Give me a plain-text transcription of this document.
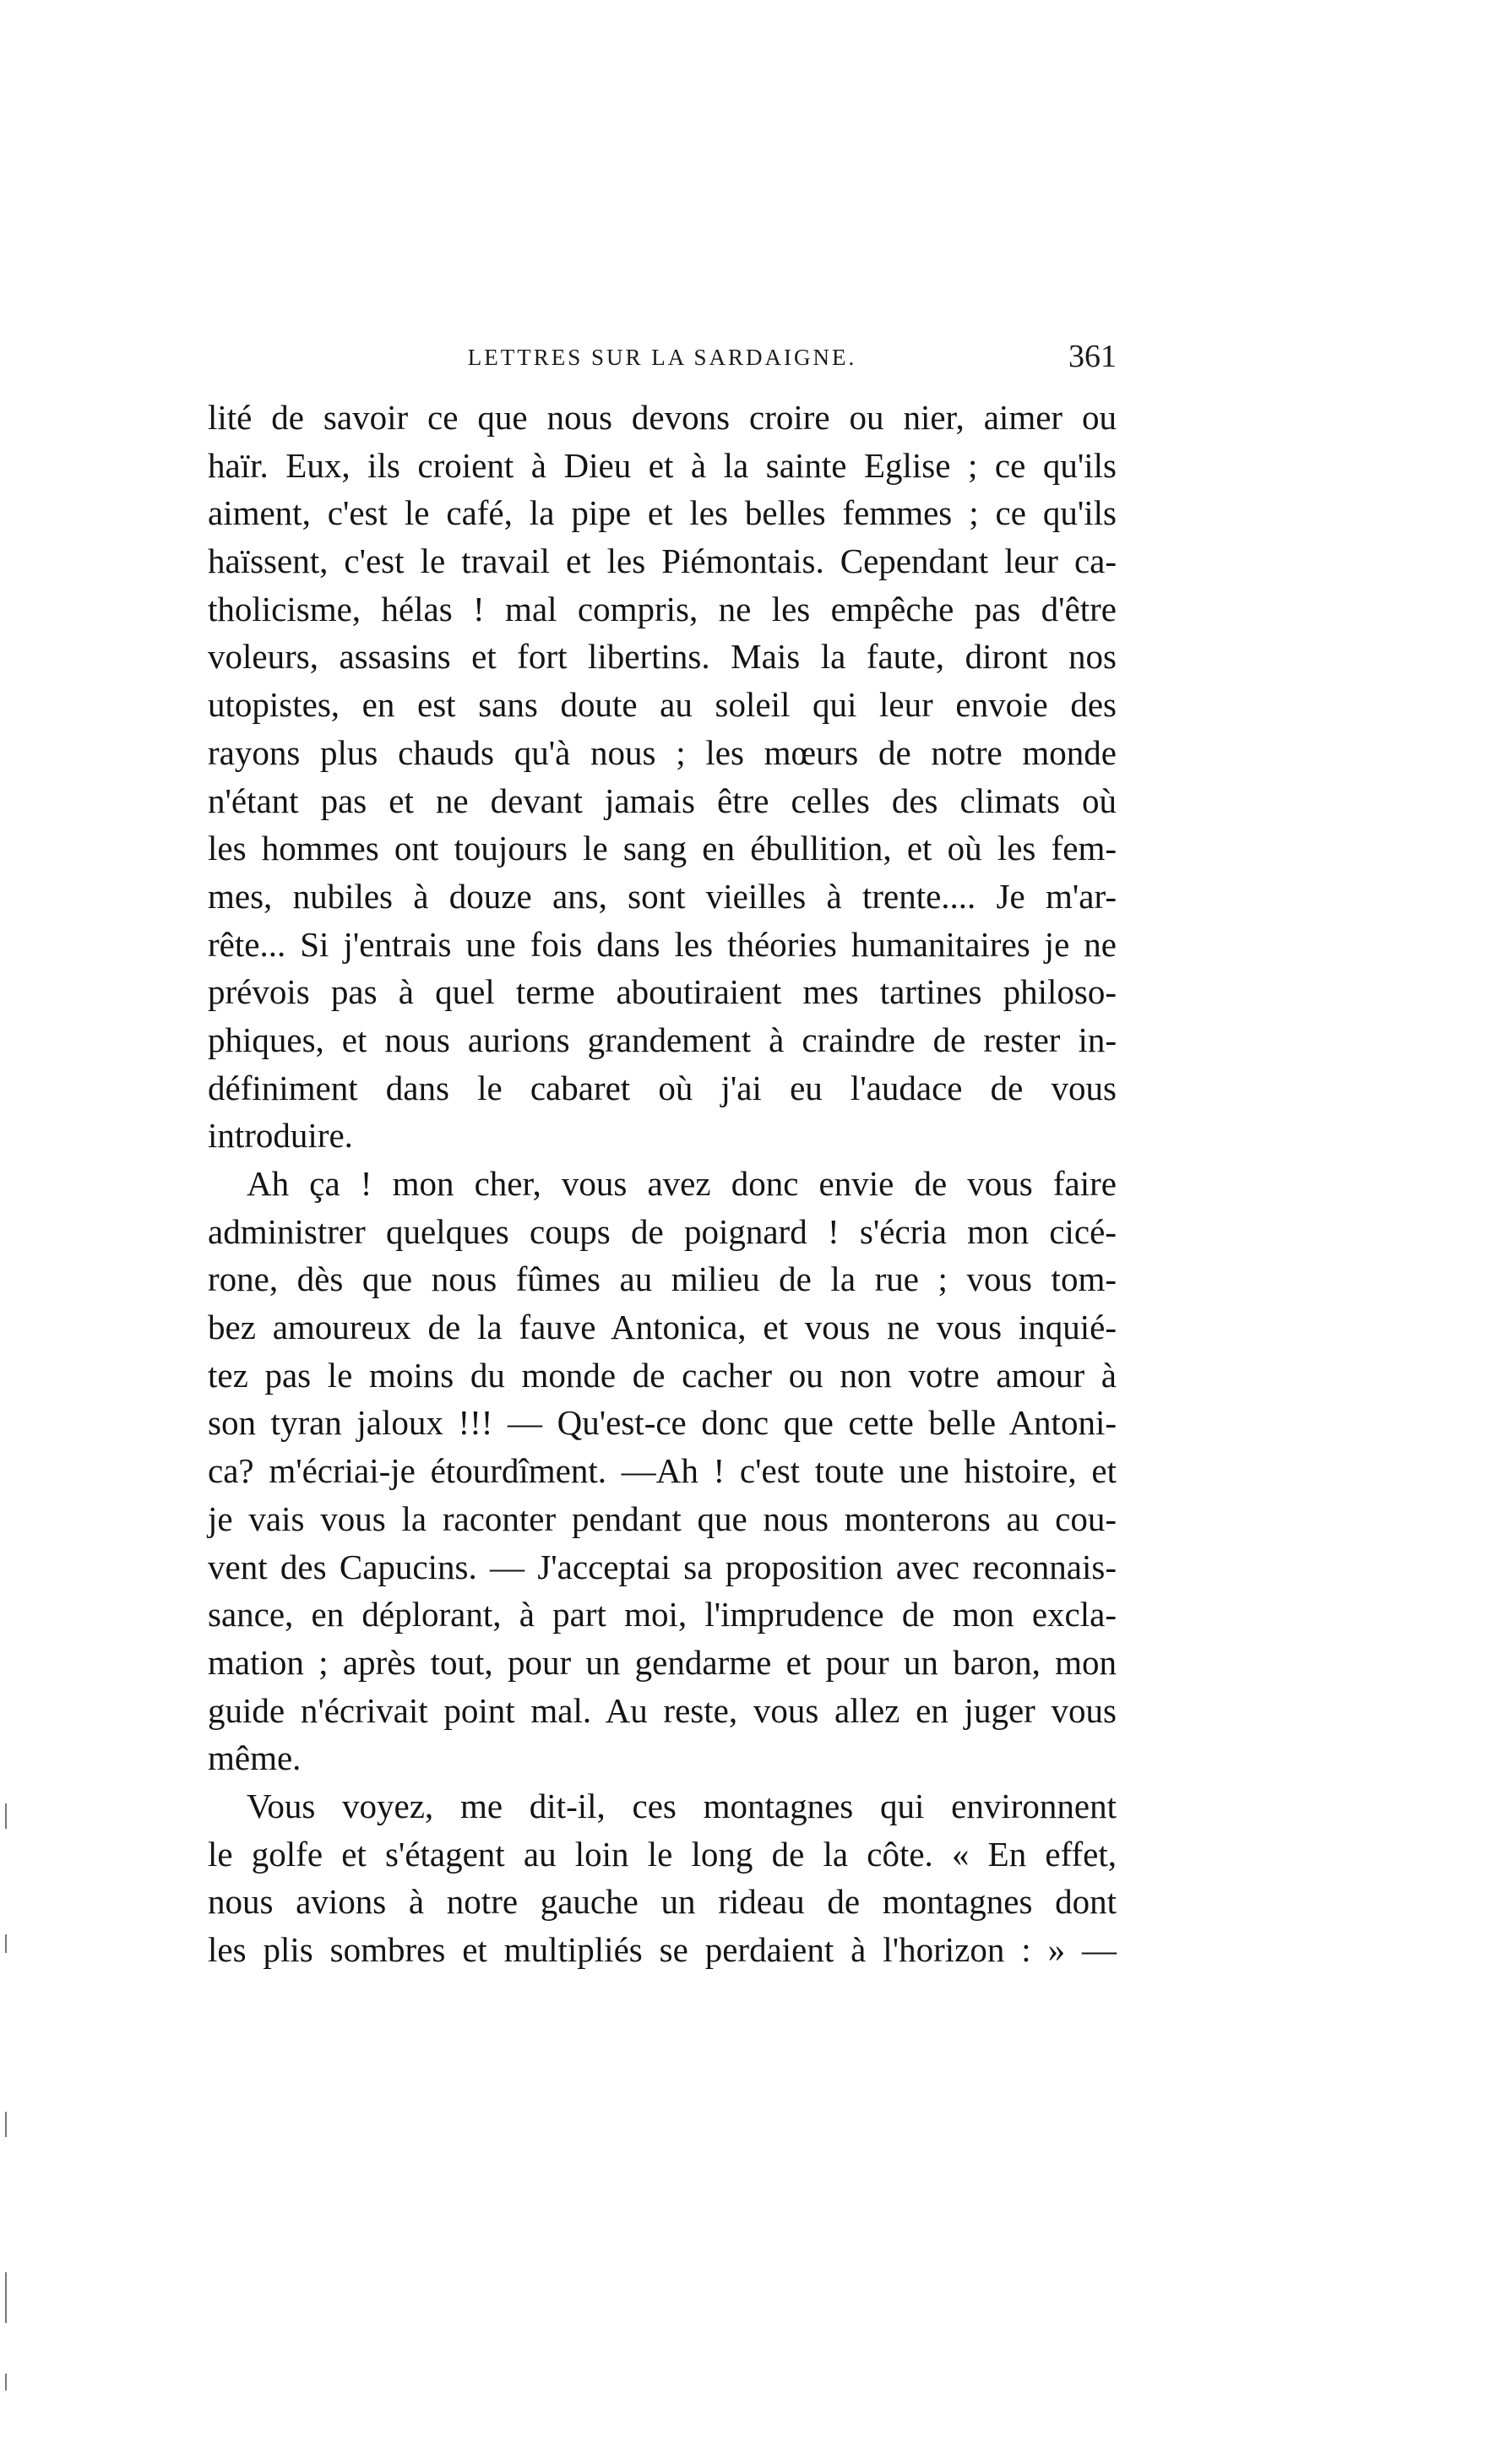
LETTRES SUR LA SARDAIGNE.	361
lité de savoir ce que nous devons croire ou nier, aimer ou
haïr. Eux, ils croient à Dieu et à la sainte Eglise ; ce qu'ils
aiment, c'est le café, la pipe et les belles femmes ; ce qu'ils
haïssent, c'est le travail et les Piémontais. Cependant leur ca-
tholicisme, hélas ! mal compris, ne les empêche pas d'être
voleurs, assasins et fort libertins. Mais la faute, diront nos
utopistes, en est sans doute au soleil qui leur envoie des
rayons plus chauds qu'à nous ; les mœurs de notre monde
n'étant pas et ne devant jamais être celles des climats où
les hommes ont toujours le sang en ébullition, et où les fem-
mes, nubiles à douze ans, sont vieilles à trente.... Je m'ar-
rête... Si j'entrais une fois dans les théories humanitaires je ne
prévois pas à quel terme aboutiraient mes tartines philoso-
phiques, et nous aurions grandement à craindre de rester in-
définiment dans le cabaret où j'ai eu l'audace de vous
introduire.
Ah ça ! mon cher, vous avez donc envie de vous faire
administrer quelques coups de poignard ! s'écria mon cicé-
rone, dès que nous fûmes au milieu de la rue ; vous tom-
bez amoureux de la fauve Antonica, et vous ne vous inquié-
tez pas le moins du monde de cacher ou non votre amour à
son tyran jaloux !!! — Qu'est-ce donc que cette belle Antoni-
ca? m'écriai-je étourdîment. —Ah ! c'est toute une histoire, et
je vais vous la raconter pendant que nous monterons au cou-
vent des Capucins. — J'acceptai sa proposition avec reconnais-
sance, en déplorant, à part moi, l'imprudence de mon excla-
mation ; après tout, pour un gendarme et pour un baron, mon
guide n'écrivait point mal. Au reste, vous allez en juger vous
même.
Vous voyez, me dit-il, ces montagnes qui environnent
le golfe et s'étagent au loin le long de la côte. « En effet,
nous avions à notre gauche un rideau de montagnes dont
les plis sombres et multipliés se perdaient à l'horizon : » —
